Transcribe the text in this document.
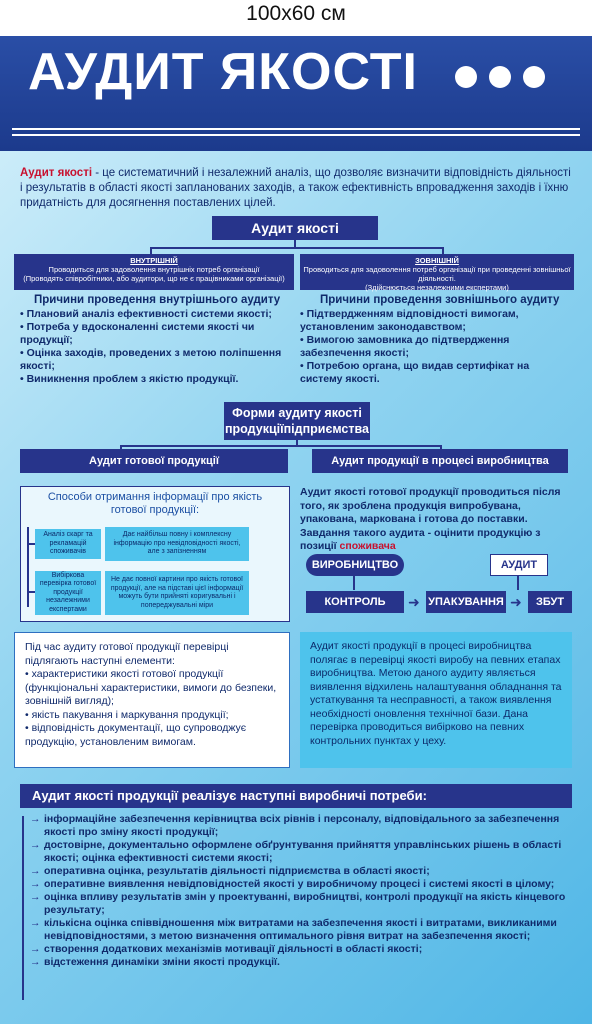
100х60 см
АУДИТ ЯКОСТІ
Аудит якості - це систематичний і незалежний аналіз, що дозволяє визначити відповідність діяльності і результатів в області якості запланованих заходів, а також ефективність впровадження заходів і їхню придатність для досягнення поставлених цілей.
Аудит якості
ВНУТРІШНІЙ
Проводиться для задоволення внутрішніх потреб організації
(Проводять співробітники, або аудитори, що не є працівниками організації)
ЗОВНІШНІЙ
Проводиться для задоволення потреб організації при проведенні зовнішньої діяльності.
(Здійснюється незалежними експертами)
Причини проведення внутрішнього аудиту
• Плановий аналіз ефективності системи якості;
• Потреба у вдосконаленні системи якості чи продукції;
• Оцінка заходів, проведених з метою поліпшення якості;
• Виникнення проблем з якістю продукції.
Причини проведення зовнішнього аудиту
• Підтвердженням відповідності вимогам, установленим законодавством;
• Вимогою замовника до підтвердження забезпечення якості;
• Потребою органа, що видав сертифікат на систему якості.
Форми аудиту якості продукціїпідприємства
Аудит готової продукції	Аудит продукції в процесі виробництва
Способи отримання інформації про якість готової продукції:
Аналіз скарг та рекламацій споживачів
Дає найбільш повну і комплексну інформацію про невідповідності якості, але з запізненням
Вибіркова перевірка готової продукції незалежними експертами
Не дає повної картини про якість готової продукції, але на підставі цієї інформації можуть бути прийняті коригувальні і попереджувальні міри
Аудит якості готової продукції проводиться після того, як зроблена продукція випробувана, упакована, маркована і готова до поставки. Завдання такого аудита - оцінити продукцію з позиції споживача
ВИРОБНИЦТВО	АУДИТ
КОНТРОЛЬ	➜ УПАКУВАННЯ ➜	ЗБУТ
Під час аудиту готової продукції перевірці підлягають наступні елементи:
• характеристики якості готової продукції (функціональні характеристики, вимоги до безпеки, зовнішній вигляд);
• якість пакування і маркування продукції;
• відповідність документації, що супроводжує продукцію, установленим вимогам.
Аудит якості продукції в процесі виробництва полягає в перевірці якості виробу на певних етапах виробництва. Метою даного аудиту являється виявлення відхилень налаштування обладнання та устаткування та несправності, а також виявлення необхідності оновлення технічної бази. Дана перевірка проводиться вибірково на певних контрольних пунктах у цеху.
Аудит якості продукції реалізує наступні виробничі потреби:
→ інформаційне забезпечення керівництва всіх рівнів і персоналу, відповідального за забезпечення якості про зміну якості продукції;
→ достовірне, документально оформлене обґрунтування прийняття управлінських рішень в області якості; оцінка ефективності системи якості;
→ оперативна оцінка, результатів діяльності підприємства в області якості;
→ оперативне виявлення невідповідностей якості у виробничому процесі і системі якості в цілому;
→ оцінка впливу результатів змін у проектуванні, виробництві, контролі продукції на якість кінцевого результату;
→ кількісна оцінка співвідношення між витратами на забезпечення якості і витратами, викликаними невідповідностями, з метою визначення оптимального рівня витрат на забезпечення якості;
→ створення додаткових механізмів мотивації діяльності в області якості;
→ відстеження динаміки зміни якості продукції.
